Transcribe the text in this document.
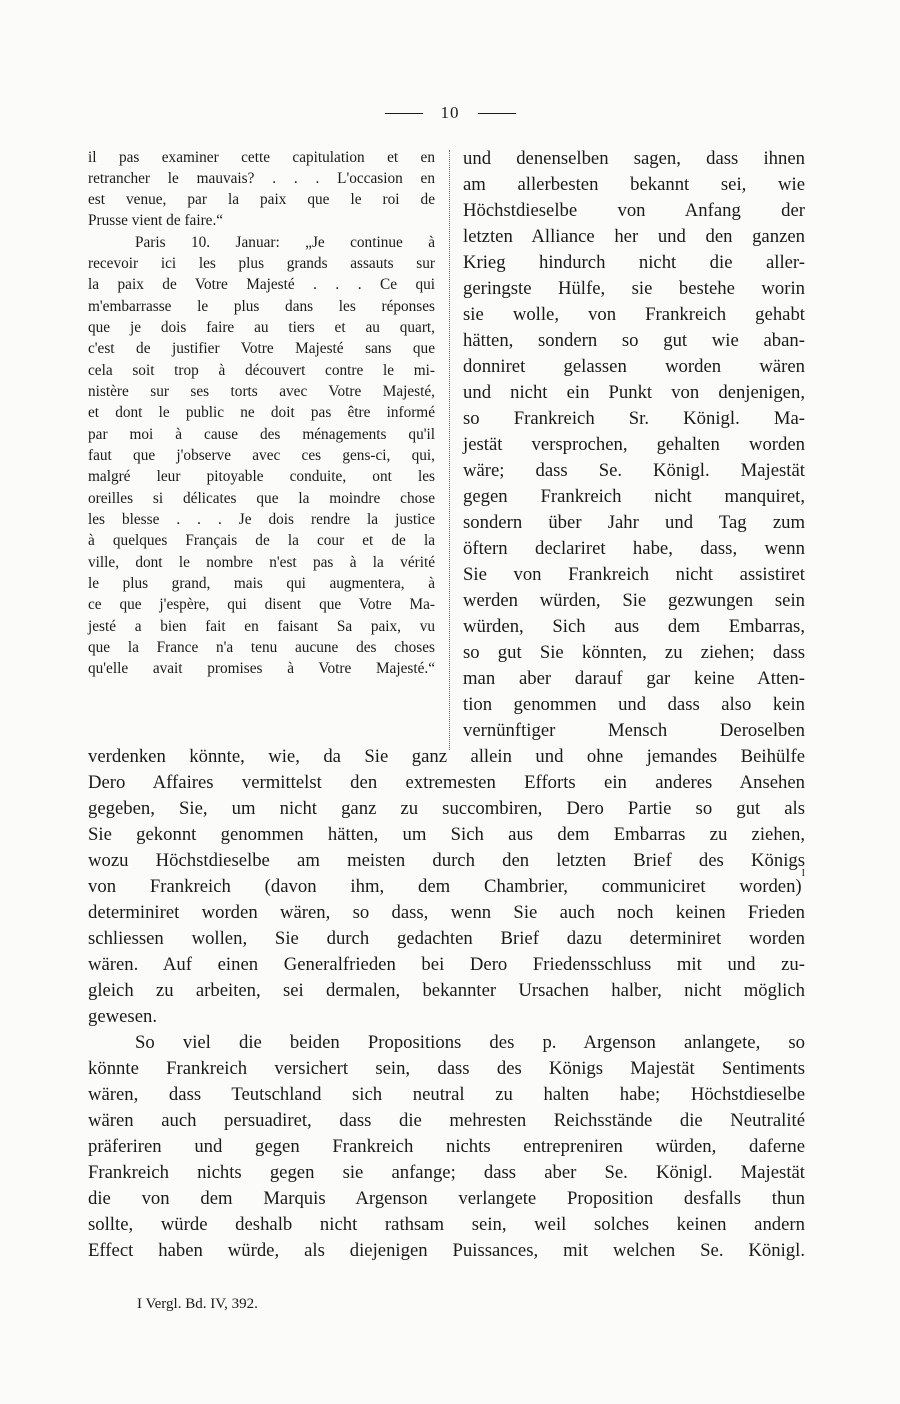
10
il pas examiner cette capitulation et en
retrancher le mauvais? . . . L'occasion en
est venue, par la paix que le roi de
Prusse vient de faire.“
Paris 10. Januar: „Je continue à
recevoir ici les plus grands assauts sur
la paix de Votre Majesté . . . Ce qui
m'embarrasse le plus dans les réponses
que je dois faire au tiers et au quart,
c'est de justifier Votre Majesté sans que
cela soit trop à découvert contre le mi-
nistère sur ses torts avec Votre Majesté,
et dont le public ne doit pas être informé
par moi à cause des ménagements qu'il
faut que j'observe avec ces gens-ci, qui,
malgré leur pitoyable conduite, ont les
oreilles si délicates que la moindre chose
les blesse . . . Je dois rendre la justice
à quelques Français de la cour et de la
ville, dont le nombre n'est pas à la vérité
le plus grand, mais qui augmentera, à
ce que j'espère, qui disent que Votre Ma-
jesté a bien fait en faisant Sa paix, vu
que la France n'a tenu aucune des choses
qu'elle avait promises à Votre Majesté.“
und denenselben sagen, dass ihnen
am allerbesten bekannt sei, wie
Höchstdieselbe von Anfang der
letzten Alliance her und den ganzen
Krieg hindurch nicht die aller-
geringste Hülfe, sie bestehe worin
sie wolle, von Frankreich gehabt
hätten, sondern so gut wie aban-
donniret gelassen worden wären
und nicht ein Punkt von denjenigen,
so Frankreich Sr. Königl. Ma-
jestät versprochen, gehalten worden
wäre; dass Se. Königl. Majestät
gegen Frankreich nicht manquiret,
sondern über Jahr und Tag zum
öftern declariret habe, dass, wenn
Sie von Frankreich nicht assistiret
werden würden, Sie gezwungen sein
würden, Sich aus dem Embarras,
so gut Sie könnten, zu ziehen; dass
man aber darauf gar keine Atten-
tion genommen und dass also kein
vernünftiger Mensch Deroselben
verdenken könnte, wie, da Sie ganz allein und ohne jemandes Beihülfe
Dero Affaires vermittelst den extremesten Efforts ein anderes Ansehen
gegeben, Sie, um nicht ganz zu succombiren, Dero Partie so gut als
Sie gekonnt genommen hätten, um Sich aus dem Embarras zu ziehen,
wozu Höchstdieselbe am meisten durch den letzten Brief des Königs
von Frankreich (davon ihm, dem Chambrier, communiciret worden)
I
determiniret worden wären, so dass, wenn Sie auch noch keinen Frieden
schliessen wollen, Sie durch gedachten Brief dazu determiniret worden
wären. Auf einen Generalfrieden bei Dero Friedensschluss mit und zu-
gleich zu arbeiten, sei dermalen, bekannter Ursachen halber, nicht möglich
gewesen.
So viel die beiden Propositions des p. Argenson anlangete, so
könnte Frankreich versichert sein, dass des Königs Majestät Sentiments
wären, dass Teutschland sich neutral zu halten habe; Höchstdieselbe
wären auch persuadiret, dass die mehresten Reichsstände die Neutralité
präferiren und gegen Frankreich nichts entrepreniren würden, daferne
Frankreich nichts gegen sie anfange; dass aber Se. Königl. Majestät
die von dem Marquis Argenson verlangete Proposition desfalls thun
sollte, würde deshalb nicht rathsam sein, weil solches keinen andern
Effect haben würde, als diejenigen Puissances, mit welchen Se. Königl.
I Vergl. Bd. IV, 392.
